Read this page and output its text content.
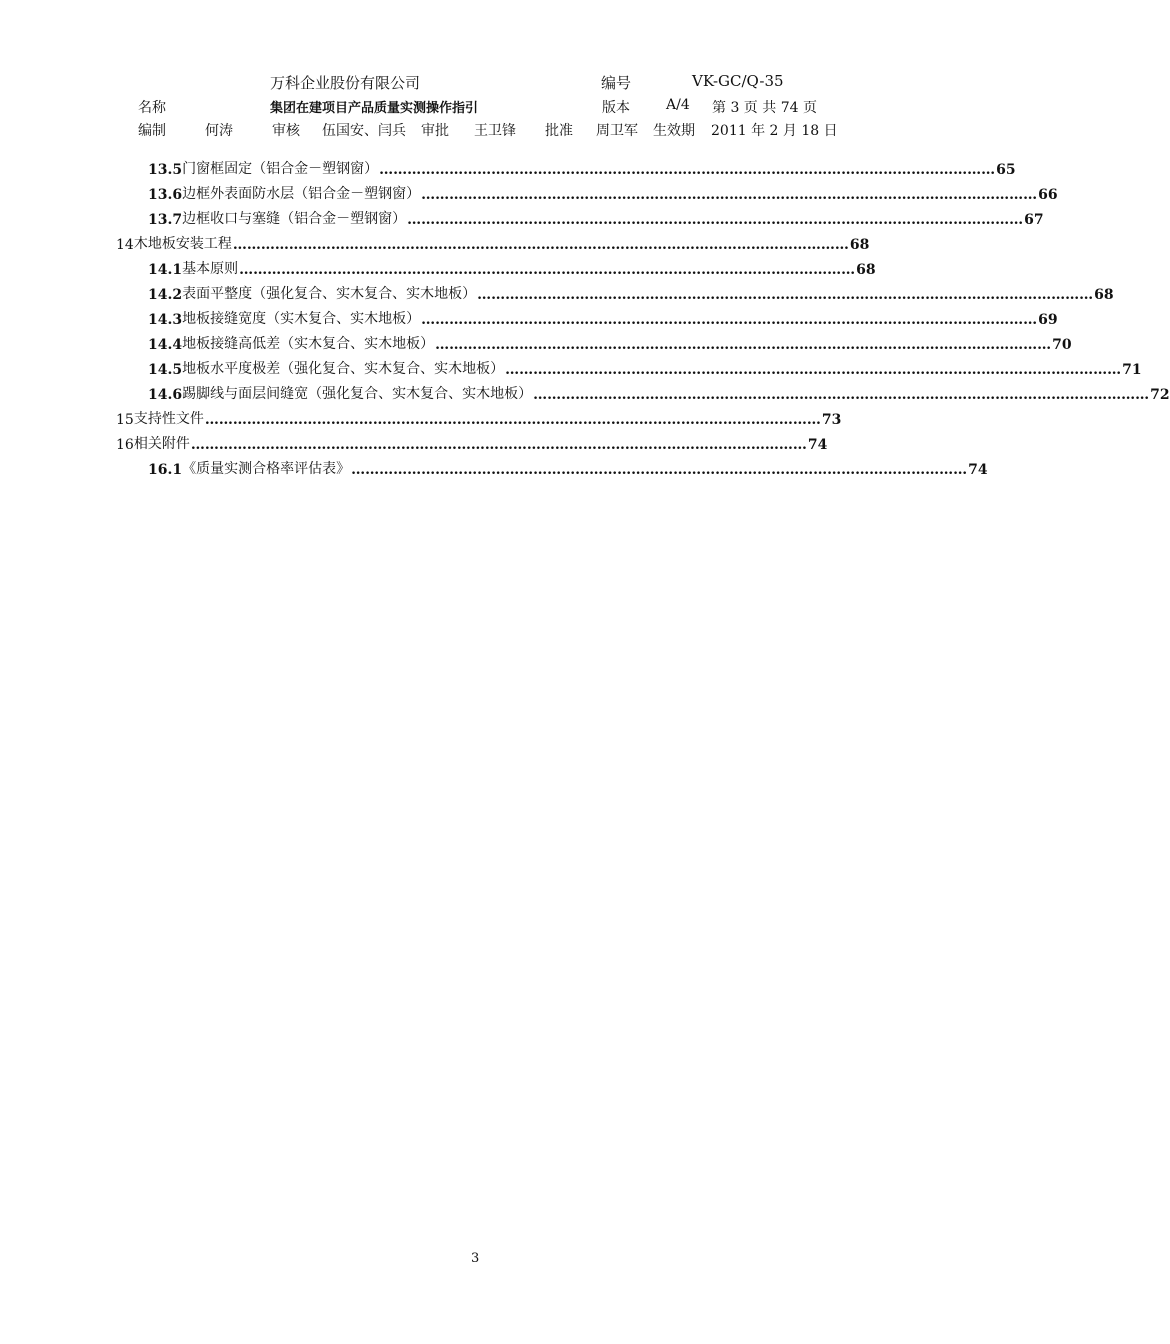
万科企业股份有限公司	编号	VK-GC/Q-35
名称	集团在建项目产品质量实测操作指引	版本	A/4 第 3 页 共 74 页
编制	何涛	审核 伍国安、闫兵 审批 王卫锋 批准 周卫军 生效期 2011 年 2 月 18 日
13.5 门窗框固定（铝合金－塑钢窗） …………………………………………………………………………………………………………………… 65
13.6 边框外表面防水层（铝合金－塑钢窗） …………………………………………………………………………………………………………………… 66
13.7 边框收口与塞缝（铝合金－塑钢窗） …………………………………………………………………………………………………………………… 67
14 木地板安装工程 …………………………………………………………………………………………………………………… 68
14.1 基本原则 …………………………………………………………………………………………………………………… 68
14.2 表面平整度（强化复合、实木复合、实木地板） …………………………………………………………………………………………………………………… 68
14.3 地板接缝宽度（实木复合、实木地板） …………………………………………………………………………………………………………………… 69
14.4 地板接缝高低差（实木复合、实木地板） …………………………………………………………………………………………………………………… 70
14.5 地板水平度极差（强化复合、实木复合、实木地板） …………………………………………………………………………………………………………………… 71
14.6 踢脚线与面层间缝宽（强化复合、实木复合、实木地板） …………………………………………………………………………………………………………………… 72
15 支持性文件 …………………………………………………………………………………………………………………… 73
16 相关附件 …………………………………………………………………………………………………………………… 74
16.1 《质量实测合格率评估表》 …………………………………………………………………………………………………………………… 74
3
